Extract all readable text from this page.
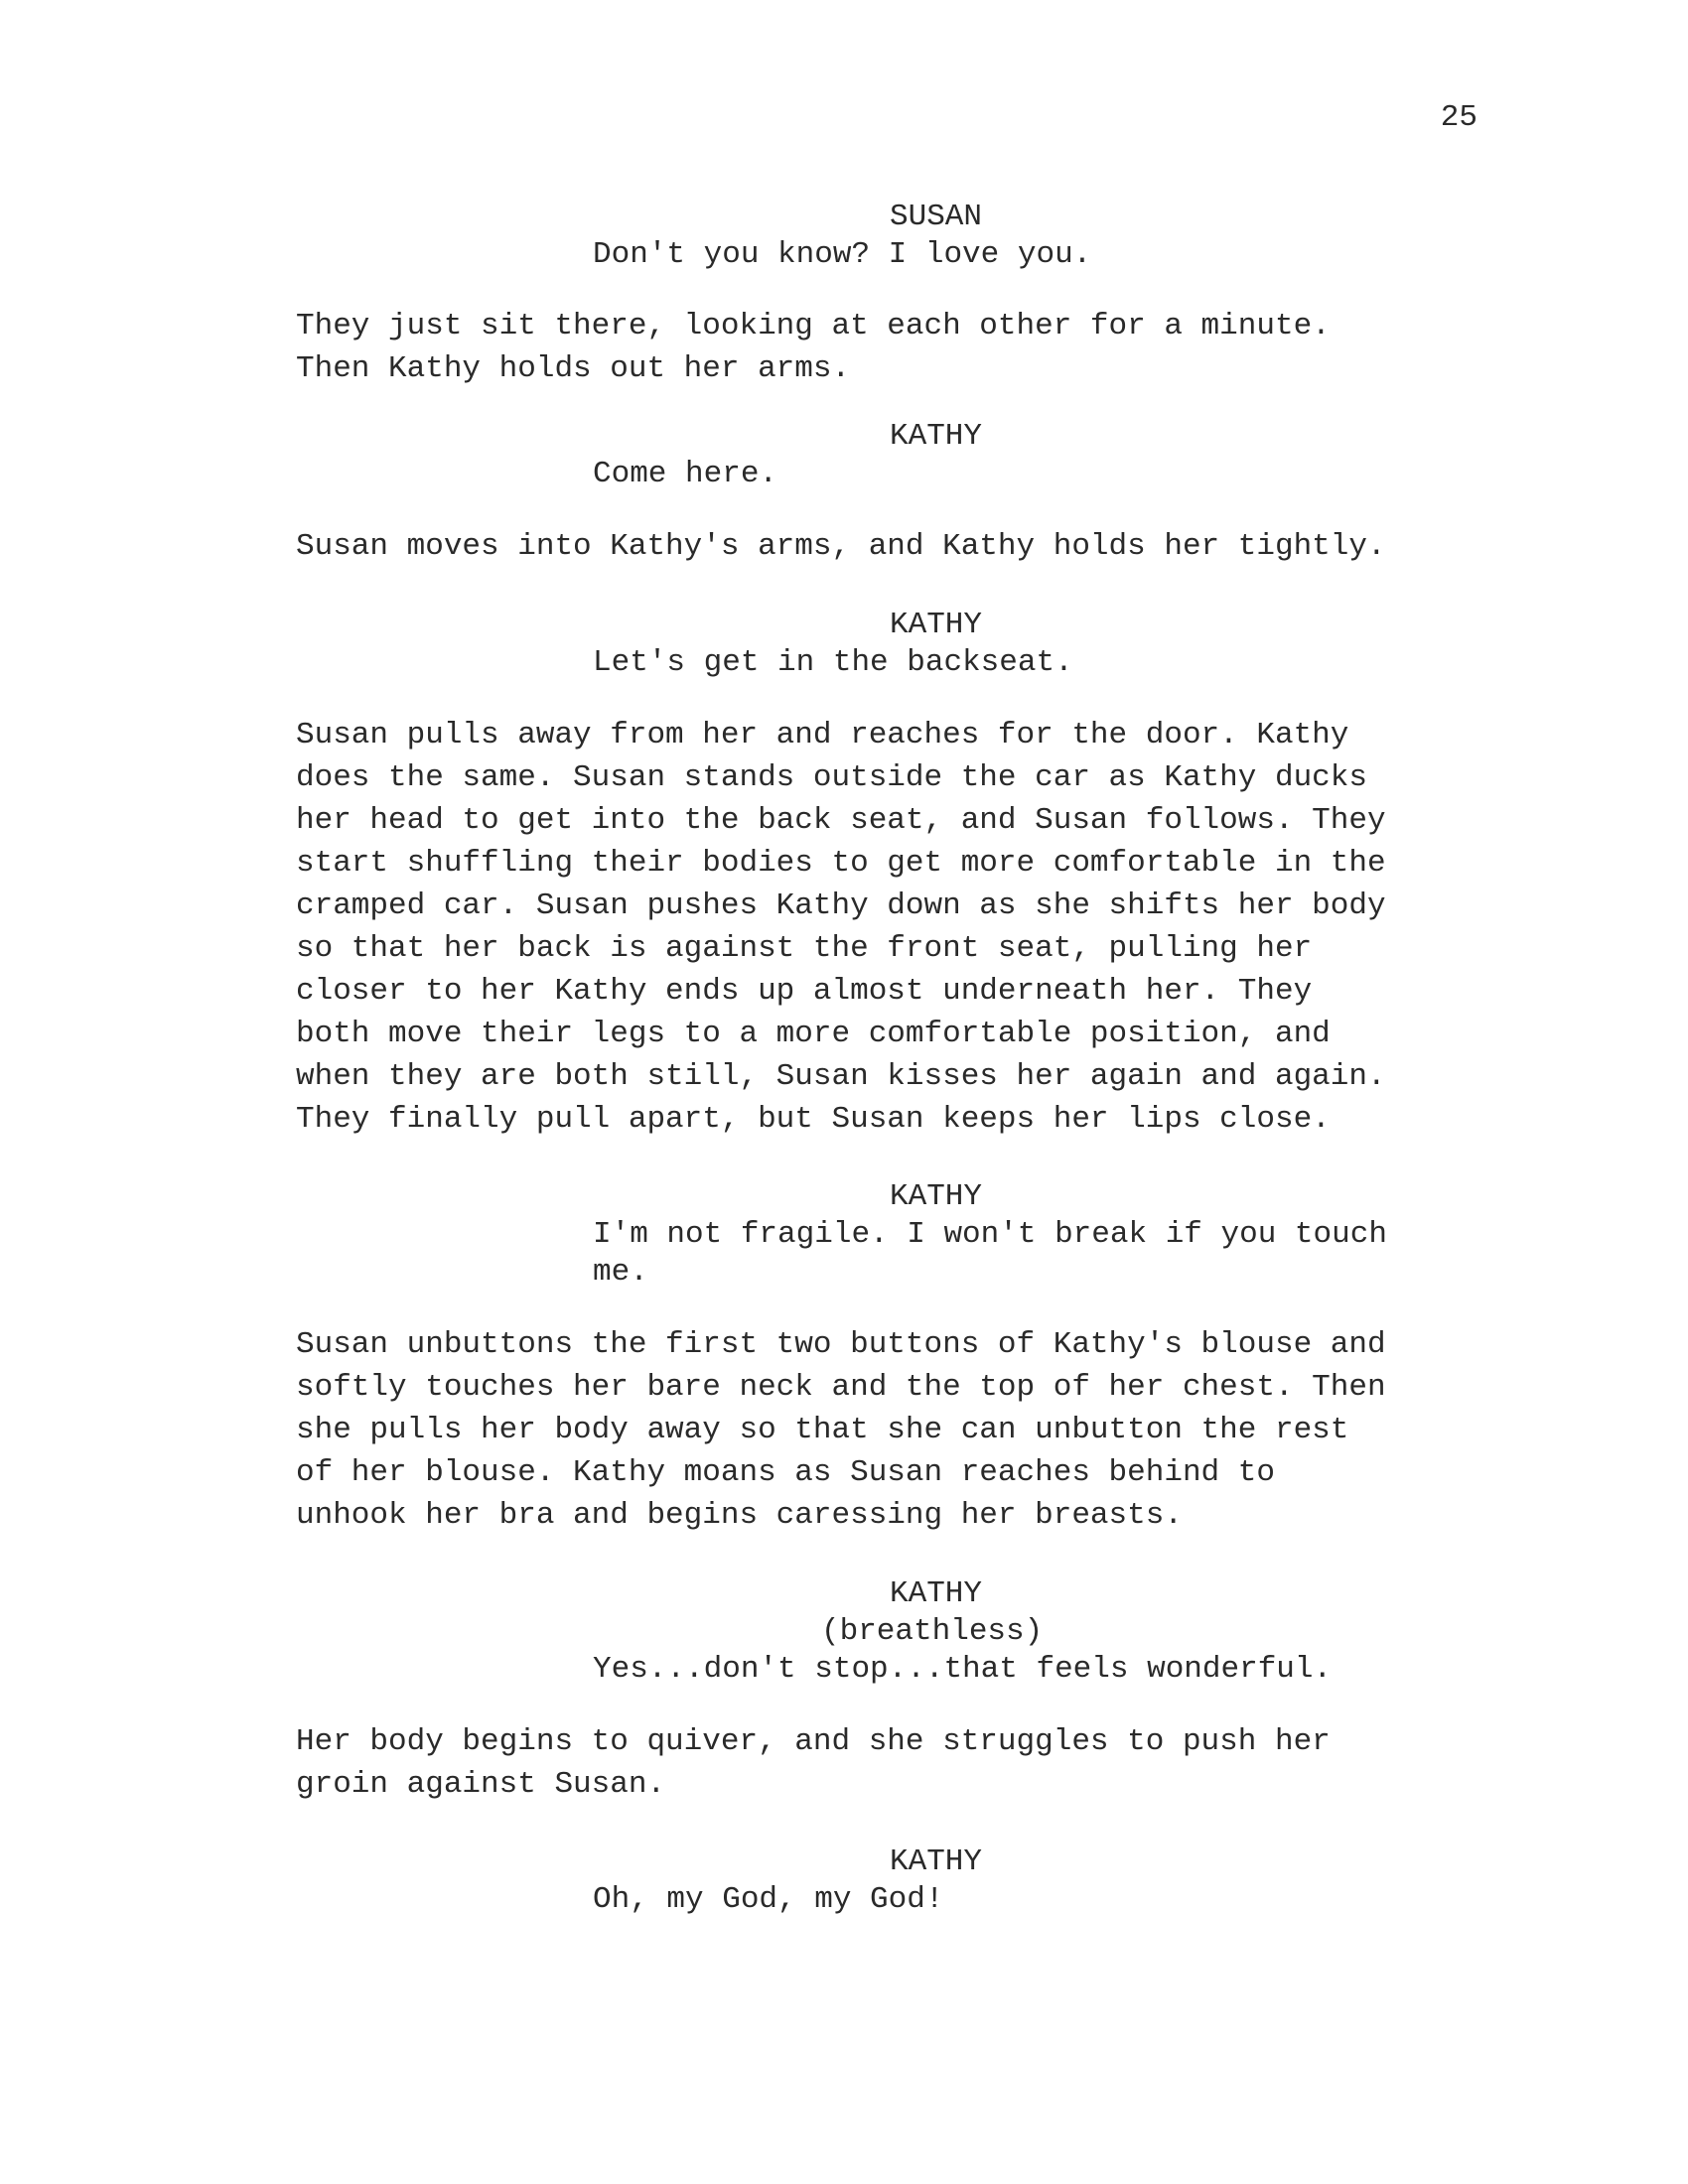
25
SUSAN
Don't you know? I love you.
They just sit there, looking at each other for a minute.
Then Kathy holds out her arms.
KATHY
Come here.
Susan moves into Kathy's arms, and Kathy holds her tightly.
KATHY
Let's get in the backseat.
Susan pulls away from her and reaches for the door. Kathy
does the same. Susan stands outside the car as Kathy ducks
her head to get into the back seat, and Susan follows. They
start shuffling their bodies to get more comfortable in the
cramped car. Susan pushes Kathy down as she shifts her body
so that her back is against the front seat, pulling her
closer to her Kathy ends up almost underneath her. They
both move their legs to a more comfortable position, and
when they are both still, Susan kisses her again and again.
They finally pull apart, but Susan keeps her lips close.
KATHY
I'm not fragile. I won't break if you touch
me.
Susan unbuttons the first two buttons of Kathy's blouse and
softly touches her bare neck and the top of her chest. Then
she pulls her body away so that she can unbutton the rest
of her blouse. Kathy moans as Susan reaches behind to
unhook her bra and begins caressing her breasts.
KATHY
(breathless)
Yes...don't stop...that feels wonderful.
Her body begins to quiver, and she struggles to push her
groin against Susan.
KATHY
Oh, my God, my God!
